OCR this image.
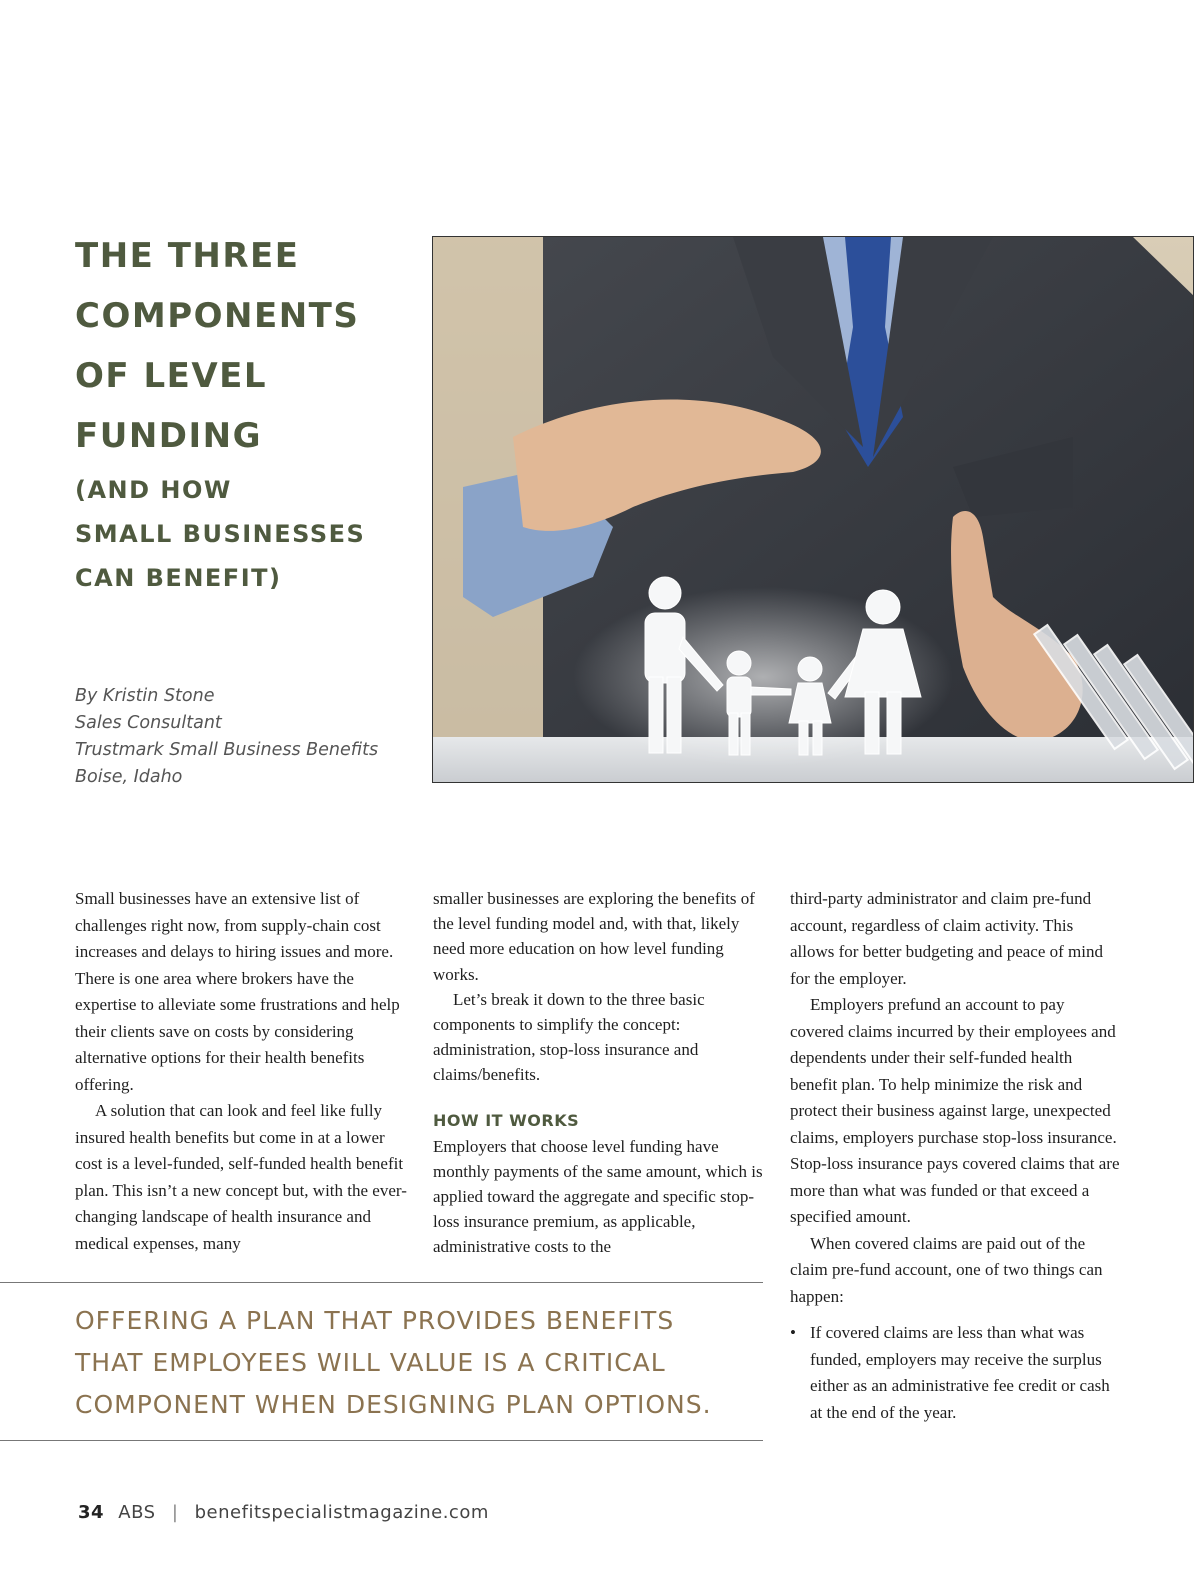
THE THREE
COMPONENTS
OF LEVEL
FUNDING
(AND HOW
SMALL BUSINESSES
CAN BENEFIT)
By Kristin Stone
Sales Consultant
Trustmark Small Business Benefits
Boise, Idaho

Small businesses have an extensive list of challenges right now, from supply-chain cost increases and delays to hiring issues and more. There is one area where brokers have the expertise to alleviate some frustrations and help their clients save on costs by considering alternative options for their health benefits offering.

A solution that can look and feel like fully insured health benefits but come in at a lower cost is a level-funded, self-funded health benefit plan. This isn’t a new concept but, with the ever-changing landscape of health insurance and medical expenses, many

smaller businesses are exploring the benefits of the level funding model and, with that, likely need more education on how level funding works.

Let’s break it down to the three basic components to simplify the concept: administration, stop-loss insurance and claims/benefits.

HOW IT WORKS

Employers that choose level funding have monthly payments of the same amount, which is applied toward the aggregate and specific stop-loss insurance premium, as applicable, administrative costs to the

third-party administrator and claim pre-fund account, regardless of claim activity. This allows for better budgeting and peace of mind for the employer.

Employers prefund an account to pay covered claims incurred by their employees and dependents under their self-funded health benefit plan. To help minimize the risk and protect their business against large, unexpected claims, employers purchase stop-loss insurance. Stop-loss insurance pays covered claims that are more than what was funded or that exceed a specified amount.

When covered claims are paid out of the claim pre-fund account, one of two things can happen:

• If covered claims are less than what was funded, employers may receive the surplus either as an administrative fee credit or cash at the end of the year.
OFFERING A PLAN THAT PROVIDES BENEFITS
THAT EMPLOYEES WILL VALUE IS A CRITICAL
COMPONENT WHEN DESIGNING PLAN OPTIONS.
34 ABS | benefitspecialistmagazine.com
